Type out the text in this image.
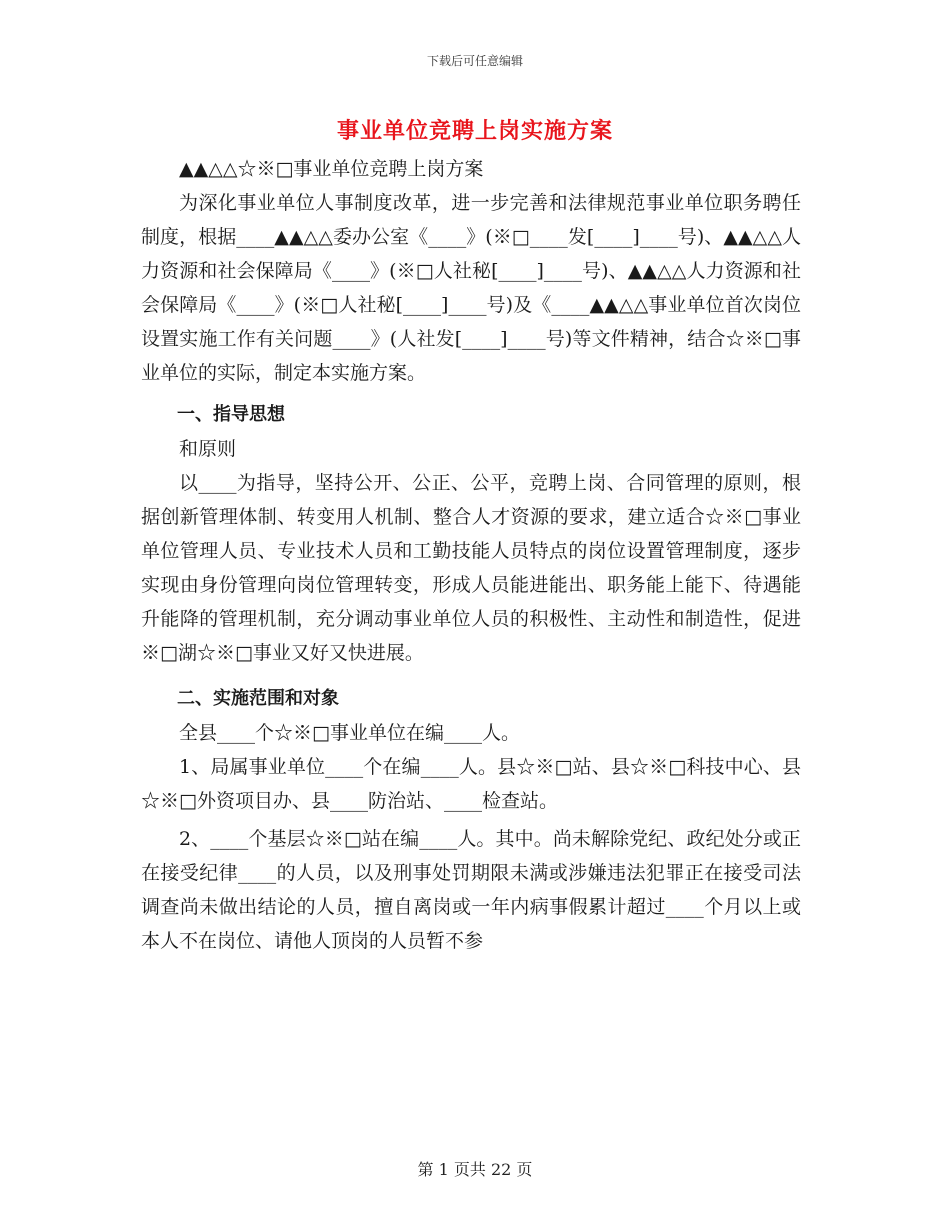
下载后可任意编辑
事业单位竞聘上岗实施方案

▲▲△△☆※□事业单位竞聘上岗方案

为深化事业单位人事制度改革，进一步完善和法律规范事业单位职务聘任制度，根据____▲▲△△委办公室《____》(※□____发[____]____号)、▲▲△△人力资源和社会保障局《____》(※□人社秘[____]____号)、▲▲△△人力资源和社会保障局《____》(※□人社秘[____]____号)及《____▲▲△△事业单位首次岗位设置实施工作有关问题____》(人社发[____]____号)等文件精神，结合☆※□事业单位的实际，制定本实施方案。

一、指导思想

和原则

以____为指导，坚持公开、公正、公平，竞聘上岗、合同管理的原则，根据创新管理体制、转变用人机制、整合人才资源的要求，建立适合☆※□事业单位管理人员、专业技术人员和工勤技能人员特点的岗位设置管理制度，逐步实现由身份管理向岗位管理转变，形成人员能进能出、职务能上能下、待遇能升能降的管理机制，充分调动事业单位人员的积极性、主动性和制造性，促进※□湖☆※□事业又好又快进展。

二、实施范围和对象

全县____个☆※□事业单位在编____人。

1、局属事业单位____个在编____人。县☆※□站、县☆※□科技中心、县☆※□外资项目办、县____防治站、____检查站。

2、____个基层☆※□站在编____人。其中。尚未解除党纪、政纪处分或正在接受纪律____的人员，以及刑事处罚期限未满或涉嫌违法犯罪正在接受司法调查尚未做出结论的人员，擅自离岗或一年内病事假累计超过____个月以上或本人不在岗位、请他人顶岗的人员暂不参

第 1 页共 22 页
